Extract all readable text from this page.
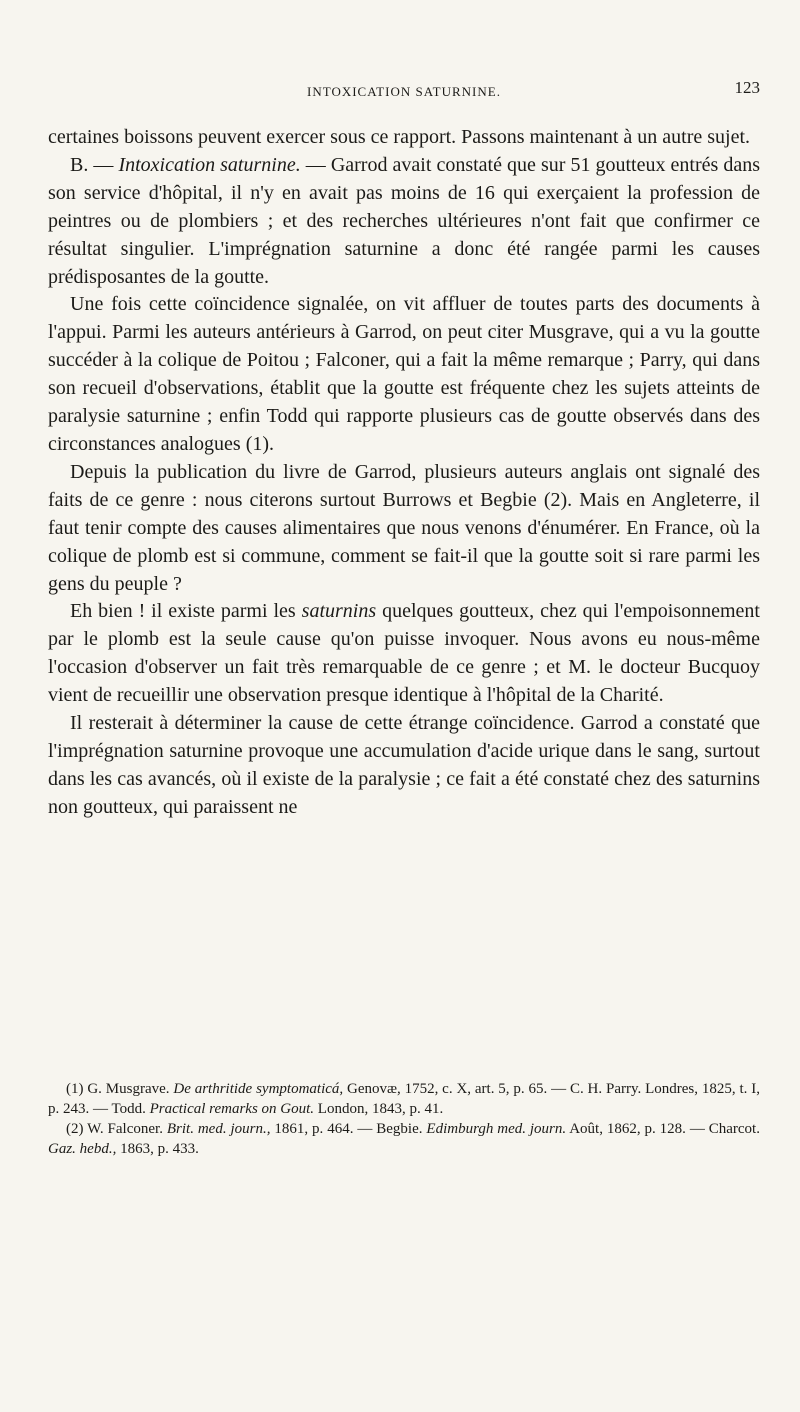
INTOXICATION SATURNINE.	123

certaines boissons peuvent exercer sous ce rapport. Passons maintenant à un autre sujet.

B. — Intoxication saturnine. — Garrod avait constaté que sur 51 goutteux entrés dans son service d'hôpital, il n'y en avait pas moins de 16 qui exerçaient la profession de peintres ou de plombiers ; et des recherches ultérieures n'ont fait que confirmer ce résultat singulier. L'imprégnation saturnine a donc été rangée parmi les causes prédisposantes de la goutte.

Une fois cette coïncidence signalée, on vit affluer de toutes parts des documents à l'appui. Parmi les auteurs antérieurs à Garrod, on peut citer Musgrave, qui a vu la goutte succéder à la colique de Poitou ; Falconer, qui a fait la même remarque ; Parry, qui dans son recueil d'observations, établit que la goutte est fréquente chez les sujets atteints de paralysie saturnine ; enfin Todd qui rapporte plusieurs cas de goutte observés dans des circonstances analogues (1).

Depuis la publication du livre de Garrod, plusieurs auteurs anglais ont signalé des faits de ce genre : nous citerons surtout Burrows et Begbie (2). Mais en Angleterre, il faut tenir compte des causes alimentaires que nous venons d'énumérer. En France, où la colique de plomb est si commune, comment se fait-il que la goutte soit si rare parmi les gens du peuple ?

Eh bien ! il existe parmi les saturnins quelques goutteux, chez qui l'empoisonnement par le plomb est la seule cause qu'on puisse invoquer. Nous avons eu nous-même l'occasion d'observer un fait très remarquable de ce genre ; et M. le docteur Bucquoy vient de recueillir une observation presque identique à l'hôpital de la Charité.

Il resterait à déterminer la cause de cette étrange coïncidence. Garrod a constaté que l'imprégnation saturnine provoque une accumulation d'acide urique dans le sang, surtout dans les cas avancés, où il existe de la paralysie ; ce fait a été constaté chez des saturnins non goutteux, qui paraissent ne

(1) G. Musgrave. De arthritide symptomaticá, Genovæ, 1752, c. X, art. 5, p. 65. — C. H. Parry. Londres, 1825, t. I, p. 243. — Todd. Practical remarks on Gout. London, 1843, p. 41.

(2) W. Falconer. Brit. med. journ., 1861, p. 464. — Begbie. Edimburgh med. journ. Août, 1862, p. 128. — Charcot. Gaz. hebd., 1863, p. 433.
